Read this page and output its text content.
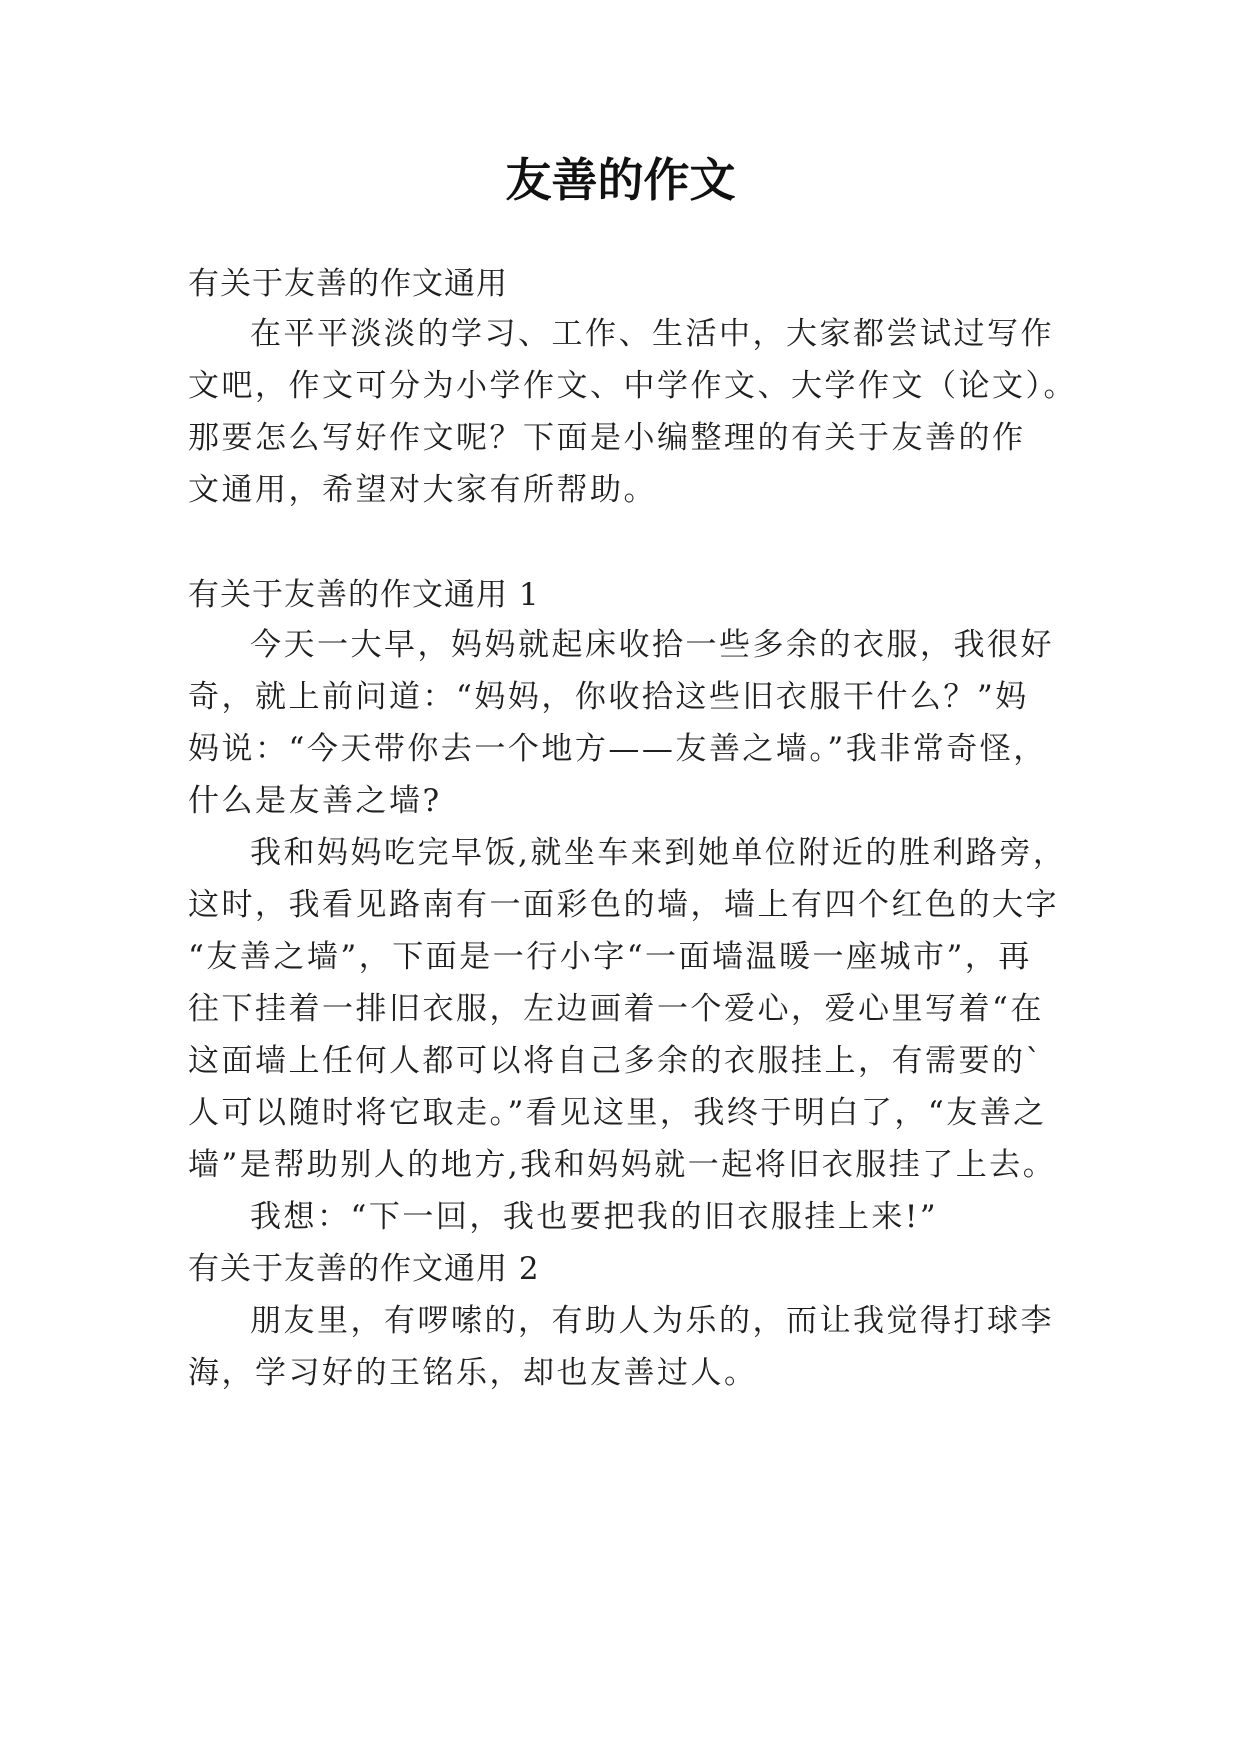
友善的作文
有关于友善的作文通用
在平平淡淡的学习、工作、生活中，大家都尝试过写作
文吧，作文可分为小学作文、中学作文、大学作文（论文）。
那要怎么写好作文呢？下面是小编整理的有关于友善的作
文通用，希望对大家有所帮助。
有关于友善的作文通用 1
今天一大早，妈妈就起床收拾一些多余的衣服，我很好
奇，就上前问道：“妈妈，你收拾这些旧衣服干什么？”妈
妈说：“今天带你去一个地方——友善之墙。”我非常奇怪，
什么是友善之墙?
我和妈妈吃完早饭,就坐车来到她单位附近的胜利路旁，
这时，我看见路南有一面彩色的墙，墙上有四个红色的大字
“友善之墙”，下面是一行小字“一面墙温暖一座城市”，再
往下挂着一排旧衣服，左边画着一个爱心，爱心里写着“在
这面墙上任何人都可以将自己多余的衣服挂上，有需要的`
人可以随时将它取走。”看见这里，我终于明白了，“友善之
墙”是帮助别人的地方,我和妈妈就一起将旧衣服挂了上去。
我想：“下一回，我也要把我的旧衣服挂上来!”
有关于友善的作文通用 2
朋友里，有啰嗦的，有助人为乐的，而让我觉得打球李
海，学习好的王铭乐，却也友善过人。
